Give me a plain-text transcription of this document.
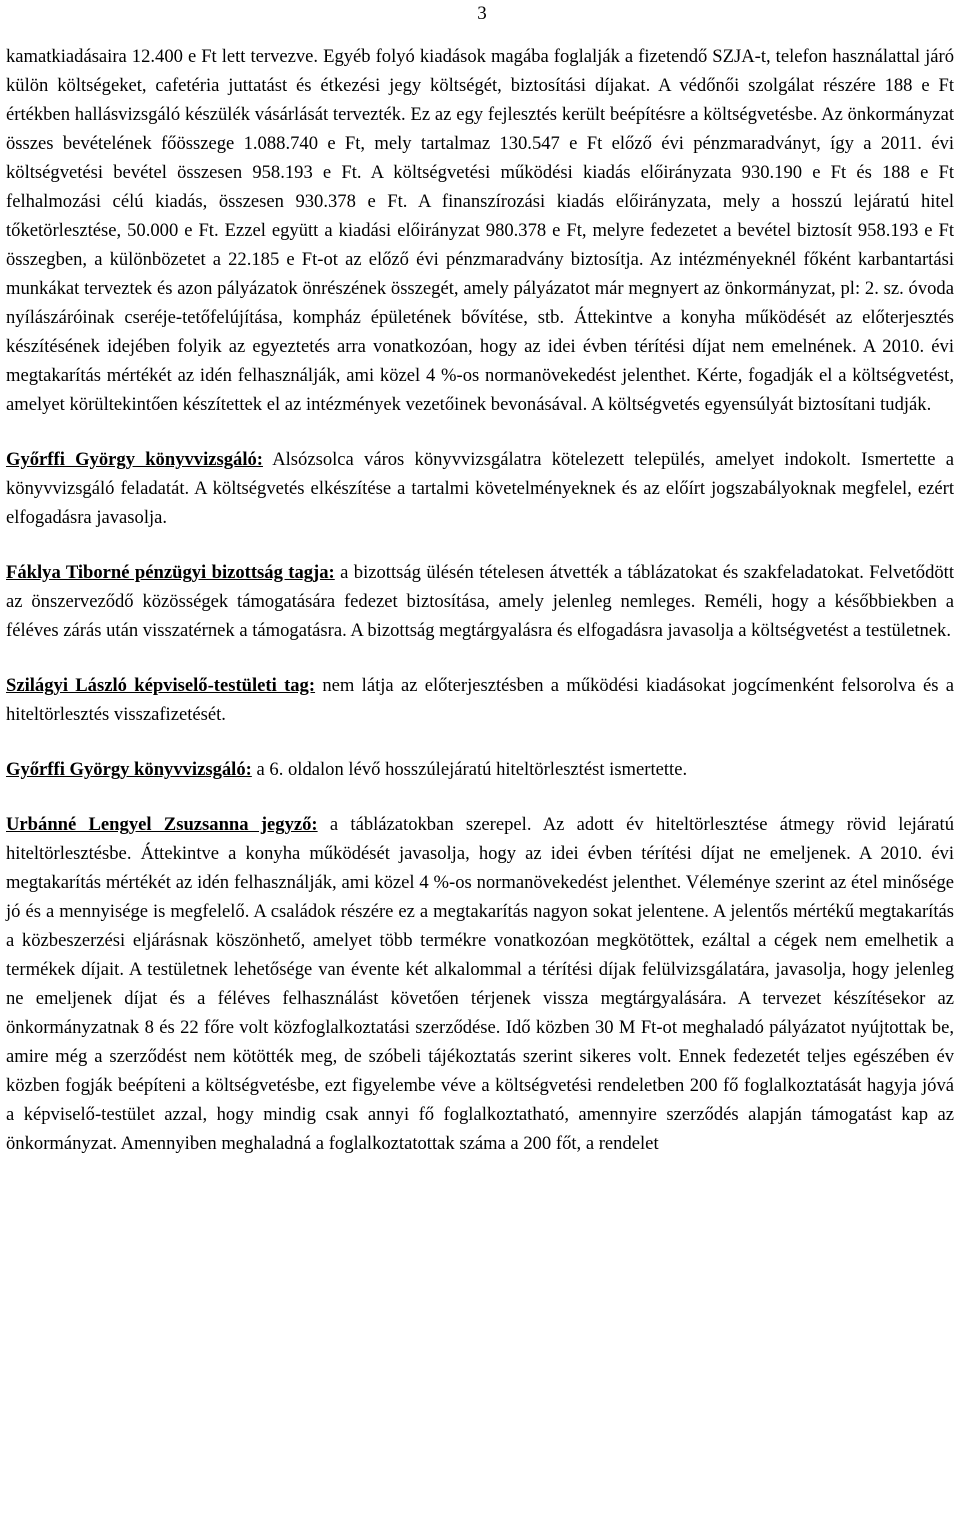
3

kamatkiadásaira 12.400 e Ft lett tervezve. Egyéb folyó kiadások magába foglalják a fizetendő SZJA-t, telefon használattal járó külön költségeket, cafetéria juttatást és étkezési jegy költségét, biztosítási díjakat. A védőnői szolgálat részére 188 e Ft értékben hallásvizsgáló készülék vásárlását tervezték. Ez az egy fejlesztés került beépítésre a költségvetésbe. Az önkormányzat összes bevételének főösszege 1.088.740 e Ft, mely tartalmaz 130.547 e Ft előző évi pénzmaradványt, így a 2011. évi költségvetési bevétel összesen 958.193 e Ft. A költségvetési működési kiadás előirányzata 930.190 e Ft és 188 e Ft felhalmozási célú kiadás, összesen 930.378 e Ft. A finanszírozási kiadás előirányzata, mely a hosszú lejáratú hitel tőketörlesztése, 50.000 e Ft. Ezzel együtt a kiadási előirányzat 980.378 e Ft, melyre fedezetet a bevétel biztosít 958.193 e Ft összegben, a különbözetet a 22.185 e Ft-ot az előző évi pénzmaradvány biztosítja. Az intézményeknél főként karbantartási munkákat terveztek és azon pályázatok önrészének összegét, amely pályázatot már megnyert az önkormányzat, pl: 2. sz. óvoda nyílászáróinak cseréje-tetőfelújítása, kompház épületének bővítése, stb. Áttekintve a konyha működését az előterjesztés készítésének idejében folyik az egyeztetés arra vonatkozóan, hogy az idei évben térítési díjat nem emelnének. A 2010. évi megtakarítás mértékét az idén felhasználják, ami közel 4 %-os normanövekedést jelenthet. Kérte, fogadják el a költségvetést, amelyet körültekintően készítettek el az intézmények vezetőinek bevonásával. A költségvetés egyensúlyát biztosítani tudják.

Győrffi György könyvvizsgáló: Alsózsolca város könyvvizsgálatra kötelezett település, amelyet indokolt. Ismertette a könyvvizsgáló feladatát. A költségvetés elkészítése a tartalmi követelményeknek és az előírt jogszabályoknak megfelel, ezért elfogadásra javasolja.

Fáklya Tiborné pénzügyi bizottság tagja: a bizottság ülésén tételesen átvették a táblázatokat és szakfeladatokat. Felvetődött az önszerveződő közösségek támogatására fedezet biztosítása, amely jelenleg nemleges. Reméli, hogy a későbbiekben a féléves zárás után visszatérnek a támogatásra. A bizottság megtárgyalásra és elfogadásra javasolja a költségvetést a testületnek.

Szilágyi László képviselő-testületi tag: nem látja az előterjesztésben a működési kiadásokat jogcímenként felsorolva és a hiteltörlesztés visszafizetését.

Győrffi György könyvvizsgáló: a 6. oldalon lévő hosszúlejáratú hiteltörlesztést ismertette.

Urbánné Lengyel Zsuzsanna jegyző: a táblázatokban szerepel. Az adott év hiteltörlesztése átmegy rövid lejáratú hiteltörlesztésbe. Áttekintve a konyha működését javasolja, hogy az idei évben térítési díjat ne emeljenek. A 2010. évi megtakarítás mértékét az idén felhasználják, ami közel 4 %-os normanövekedést jelenthet. Véleménye szerint az étel minősége jó és a mennyisége is megfelelő. A családok részére ez a megtakarítás nagyon sokat jelentene. A jelentős mértékű megtakarítás a közbeszerzési eljárásnak köszönhető, amelyet több termékre vonatkozóan megkötöttek, ezáltal a cégek nem emelhetik a termékek díjait. A testületnek lehetősége van évente két alkalommal a térítési díjak felülvizsgálatára, javasolja, hogy jelenleg ne emeljenek díjat és a féléves felhasználást követően térjenek vissza megtárgyalására. A tervezet készítésekor az önkormányzatnak 8 és 22 főre volt közfoglalkoztatási szerződése. Idő közben 30 M Ft-ot meghaladó pályázatot nyújtottak be, amire még a szerződést nem kötötték meg, de szóbeli tájékoztatás szerint sikeres volt. Ennek fedezetét teljes egészében év közben fogják beépíteni a költségvetésbe, ezt figyelembe véve a költségvetési rendeletben 200 fő foglalkoztatását hagyja jóvá a képviselő-testület azzal, hogy mindig csak annyi fő foglalkoztatható, amennyire szerződés alapján támogatást kap az önkormányzat. Amennyiben meghaladná a foglalkoztatottak száma a 200 főt, a rendelet
